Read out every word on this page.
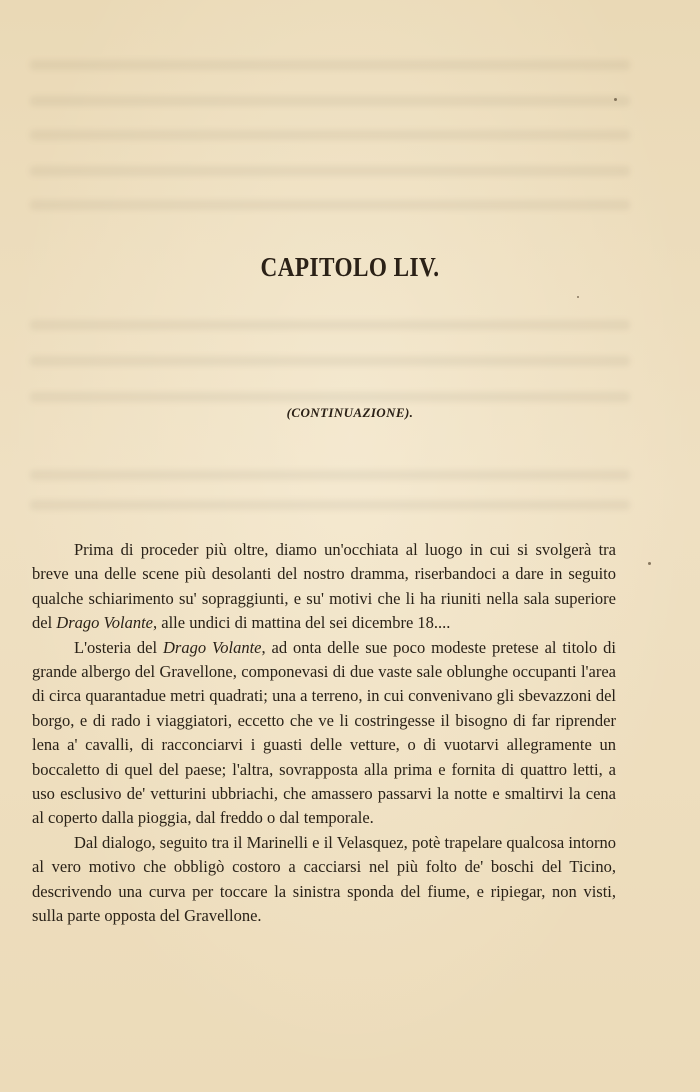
CAPITOLO LIV.
(CONTINUAZIONE).

Prima di proceder più oltre, diamo un'occhiata al luogo in cui si svolgerà tra breve una delle scene più desolanti del nostro dramma, riserbandoci a dare in seguito qualche schiarimento su' sopraggiunti, e su' motivi che li ha riuniti nella sala superiore del Drago Volante, alle undici di mattina del sei dicembre 18....

L'osteria del Drago Volante, ad onta delle sue poco modeste pretese al titolo di grande albergo del Gravellone, componevasi di due vaste sale oblunghe occupanti l'area di circa quarantadue metri quadrati; una a terreno, in cui convenivano gli sbevazzoni del borgo, e di rado i viaggiatori, eccetto che ve li costringesse il bisogno di far riprender lena a' cavalli, di racconciarvi i guasti delle vetture, o di vuotarvi allegramente un boccaletto di quel del paese; l'altra, sovrapposta alla prima e fornita di quattro letti, a uso esclusivo de' vetturini ubbriachi, che amassero passarvi la notte e smaltirvi la cena al coperto dalla pioggia, dal freddo o dal temporale.

Dal dialogo, seguito tra il Marinelli e il Velasquez, potè trapelare qualcosa intorno al vero motivo che obbligò costoro a cacciarsi nel più folto de' boschi del Ticino, descrivendo una curva per toccare la sinistra sponda del fiume, e ripiegar, non visti, sulla parte opposta del Gravellone.
